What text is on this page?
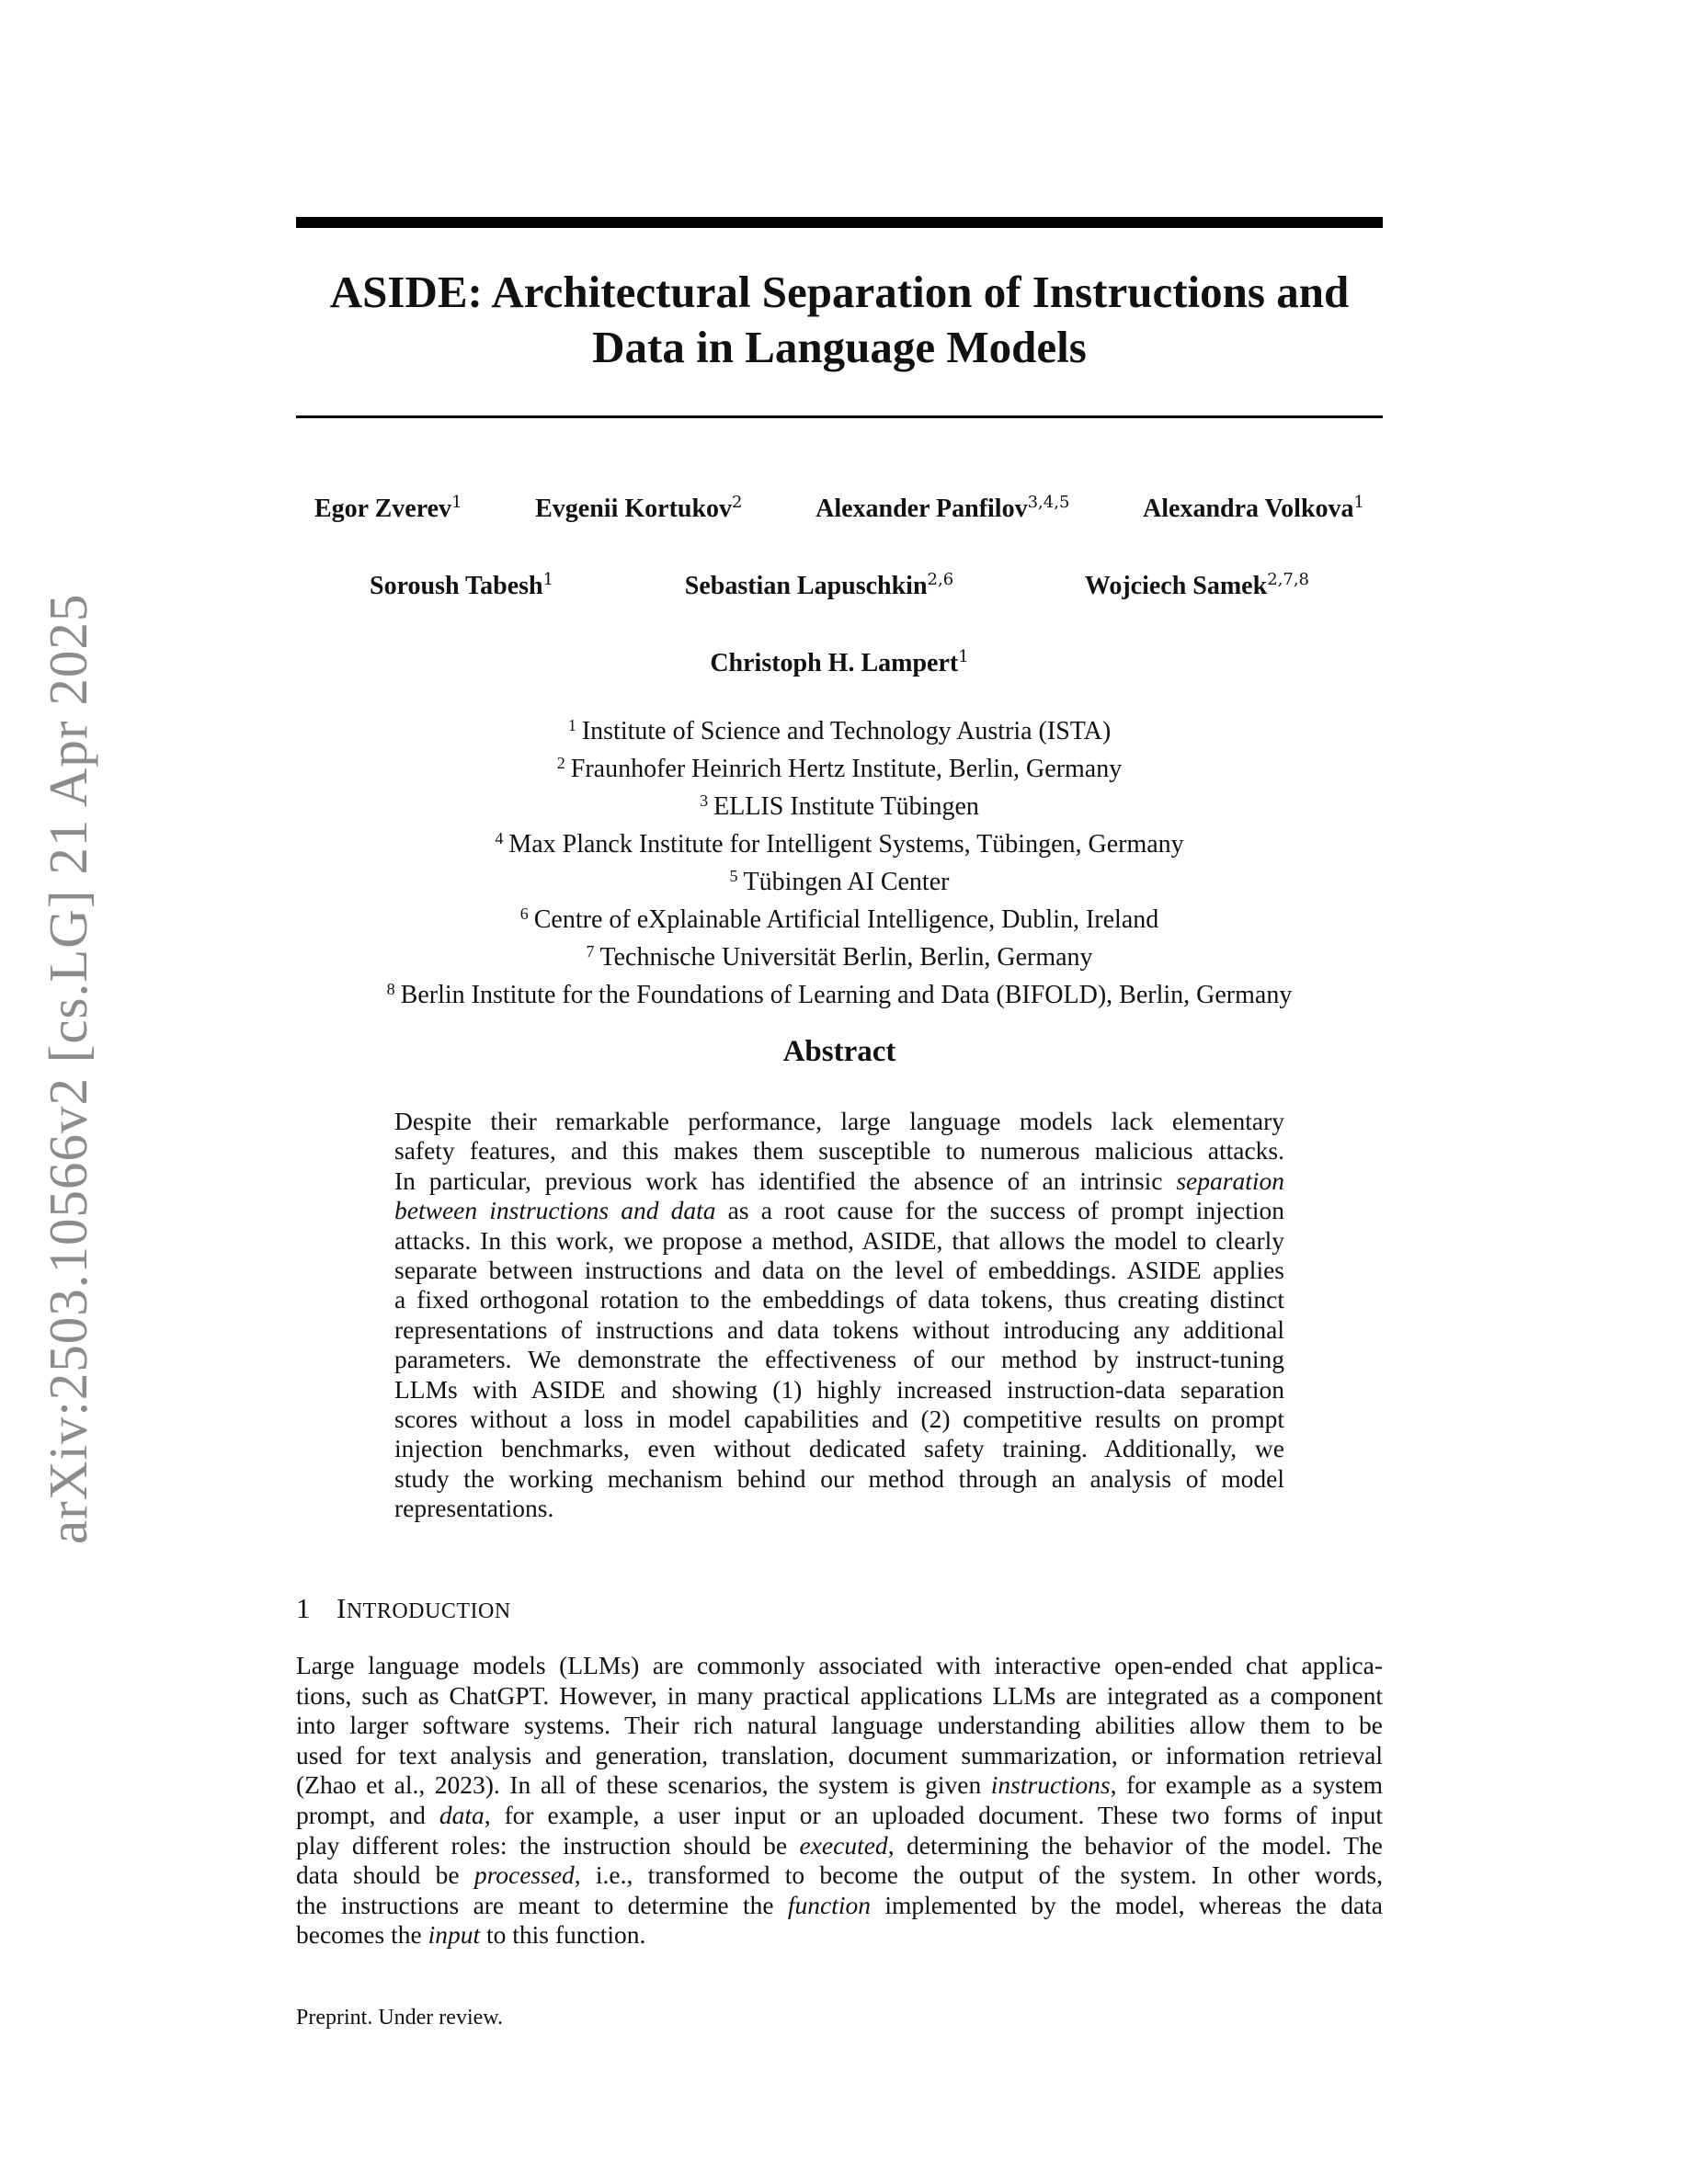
arXiv:2503.10566v2 [cs.LG] 21 Apr 2025
ASIDE: Architectural Separation of Instructions and
Data in Language Models
Egor Zverev$^1$	Evgenii Kortukov$^2$	Alexander Panfilov$^{3,4,5}$	Alexandra Volkova$^1$
Soroush Tabesh$^1$	Sebastian Lapuschkin$^{2,6}$	Wojciech Samek$^{2,7,8}$
Christoph H. Lampert$^1$
$^1$ Institute of Science and Technology Austria (ISTA)
$^2$ Fraunhofer Heinrich Hertz Institute, Berlin, Germany
$^3$ ELLIS Institute Tübingen
$^4$ Max Planck Institute for Intelligent Systems, Tübingen, Germany
$^5$ Tübingen AI Center
$^6$ Centre of eXplainable Artificial Intelligence, Dublin, Ireland
$^7$ Technische Universität Berlin, Berlin, Germany
$^8$ Berlin Institute for the Foundations of Learning and Data (BIFOLD), Berlin, Germany
Abstract
Despite their remarkable performance, large language models lack elementary
safety features, and this makes them susceptible to numerous malicious attacks.
In particular, previous work has identified the absence of an intrinsic separation
between instructions and data as a root cause for the success of prompt injection
attacks. In this work, we propose a method, ASIDE, that allows the model to clearly
separate between instructions and data on the level of embeddings. ASIDE applies
a fixed orthogonal rotation to the embeddings of data tokens, thus creating distinct
representations of instructions and data tokens without introducing any additional
parameters. We demonstrate the effectiveness of our method by instruct-tuning
LLMs with ASIDE and showing (1) highly increased instruction-data separation
scores without a loss in model capabilities and (2) competitive results on prompt
injection benchmarks, even without dedicated safety training. Additionally, we
study the working mechanism behind our method through an analysis of model
representations.
1 INTRODUCTION
Large language models (LLMs) are commonly associated with interactive open-ended chat applica-
tions, such as ChatGPT. However, in many practical applications LLMs are integrated as a component
into larger software systems. Their rich natural language understanding abilities allow them to be
used for text analysis and generation, translation, document summarization, or information retrieval
(Zhao et al., 2023). In all of these scenarios, the system is given instructions, for example as a system
prompt, and data, for example, a user input or an uploaded document. These two forms of input
play different roles: the instruction should be executed, determining the behavior of the model. The
data should be processed, i.e., transformed to become the output of the system. In other words,
the instructions are meant to determine the function implemented by the model, whereas the data
becomes the input to this function.
Preprint. Under review.
